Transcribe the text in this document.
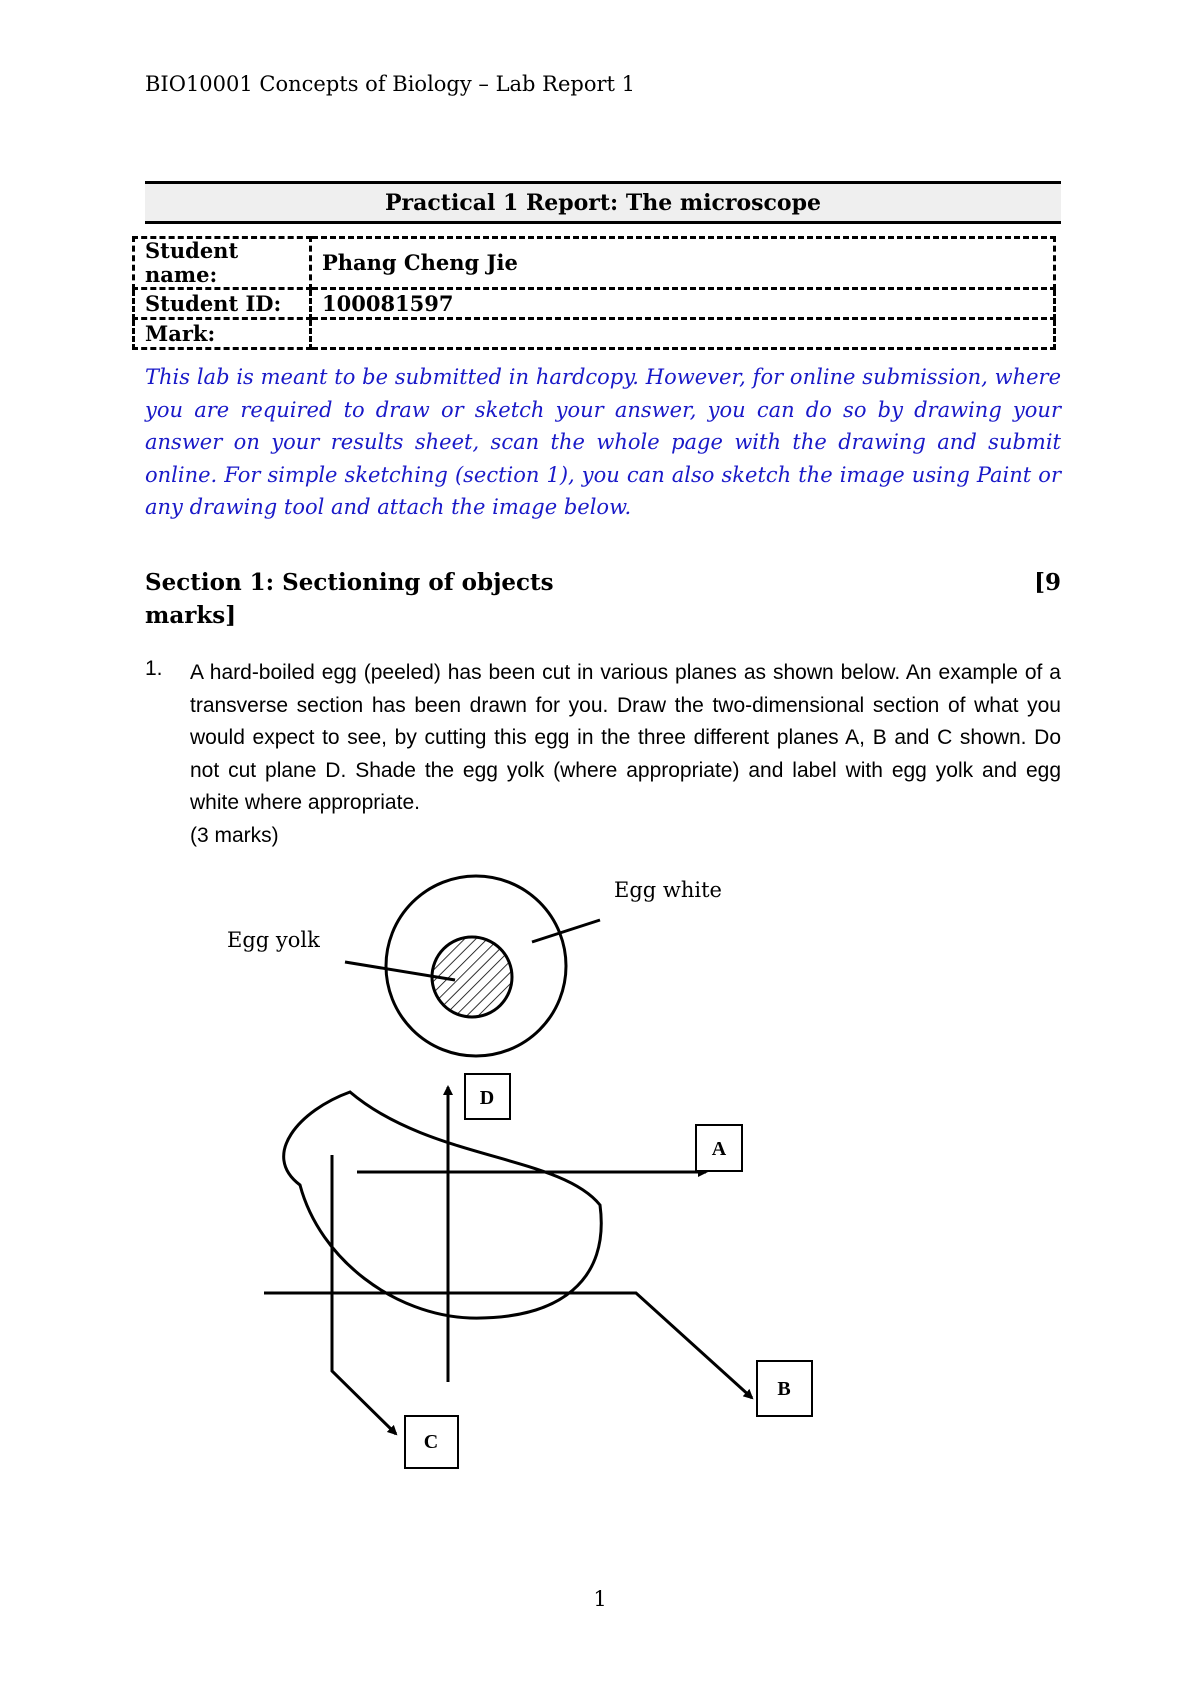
BIO10001 Concepts of Biology – Lab Report 1
Practical 1 Report: The microscope
Student name:	Phang Cheng Jie
Student ID:	100081597
Mark:	

This lab is meant to be submitted in hardcopy. However, for online submission, where you are required to draw or sketch your answer, you can do so by drawing your answer on your results sheet, scan the whole page with the drawing and submit online. For simple sketching (section 1), you can also sketch the image using Paint or any drawing tool and attach the image below.

Section 1: Sectioning of objects	[9
marks]
1. A hard-boiled egg (peeled) has been cut in various planes as shown below. An example of a transverse section has been drawn for you. Draw the two-dimensional section of what you would expect to see, by cutting this egg in the three different planes A, B and C shown. Do not cut plane D. Shade the egg yolk (where appropriate) and label with egg yolk and egg white where appropriate.
(3 marks)

Egg white
Egg yolk
D
A
B
C
1
